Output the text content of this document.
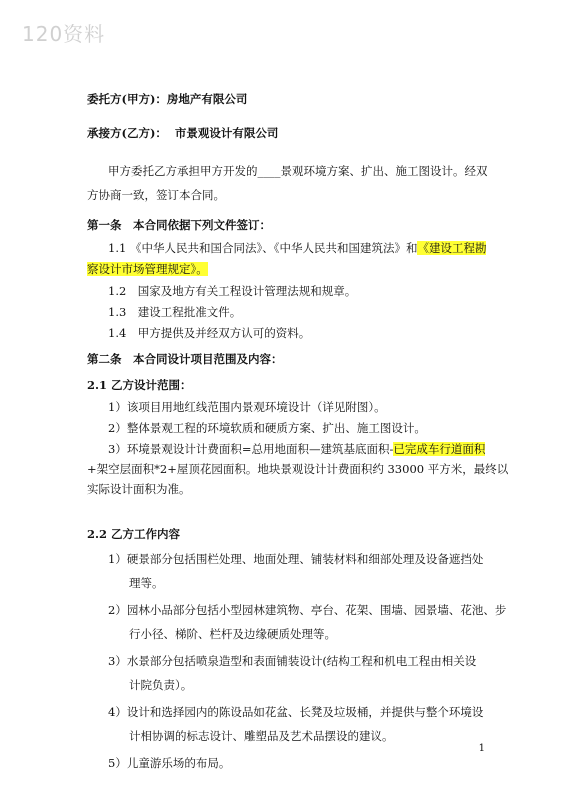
120资料
委托方(甲方)：房地产有限公司
承接方(乙方)： 市景观设计有限公司
甲方委托乙方承担甲方开发的____景观环境方案、扩出、施工图设计。经双
方协商一致，签订本合同。
第一条　本合同依据下列文件签订：
1.1 《中华人民共和国合同法》、《中华人民共和国建筑法》和《建设工程勘
察设计市场管理规定》。
1.2　国家及地方有关工程设计管理法规和规章。
1.3　建设工程批准文件。
1.4　甲方提供及并经双方认可的资料。
第二条　本合同设计项目范围及内容：
2.1 乙方设计范围：
1）该项目用地红线范围内景观环境设计（详见附图）。
2）整体景观工程的环境软质和硬质方案、扩出、施工图设计。
3）环境景观设计计费面积=总用地面积—建筑基底面积-已完成车行道面积
+架空层面积*2+屋顶花园面积。地块景观设计计费面积约 33000 平方米，最终以
实际设计面积为准。
2.2 乙方工作内容
1）硬景部分包括围栏处理、地面处理、铺装材料和细部处理及设备遮挡处
理等。
2）园林小品部分包括小型园林建筑物、亭台、花架、围墙、园景墙、花池、步
行小径、梯阶、栏杆及边缘硬质处理等。
3）水景部分包括喷泉造型和表面铺装设计(结构工程和机电工程由相关设
计院负责）。
4）设计和选择园内的陈设品如花盆、长凳及垃圾桶，并提供与整个环境设
计相协调的标志设计、雕塑品及艺术品摆设的建议。
5）儿童游乐场的布局。
1
